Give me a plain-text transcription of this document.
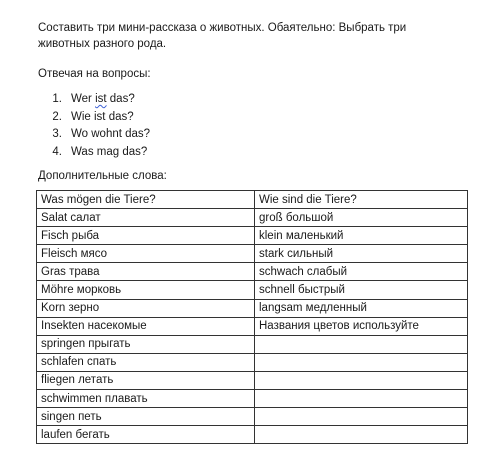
Составить три мини-рассказа о животных. Обаятельно: Выбрать три животных разного рода.
Отвечая на вопросы:
1. Wer ist das?
2. Wie ist das?
3. Wo wohnt das?
4. Was mag das?
Дополнительные слова:
Was mögen die Tiere?	Wie sind die Tiere?
Salat салат	groß большой
Fisch рыба	klein маленький
Fleisch мясо	stark сильный
Gras трава	schwach слабый
Möhre морковь	schnell быстрый
Korn зерно	langsam медленный
Insekten насекомые	Названия цветов используйте
springen прыгать	
schlafen спать	
fliegen летать	
schwimmen плавать	
singen петь	
laufen бегать	
